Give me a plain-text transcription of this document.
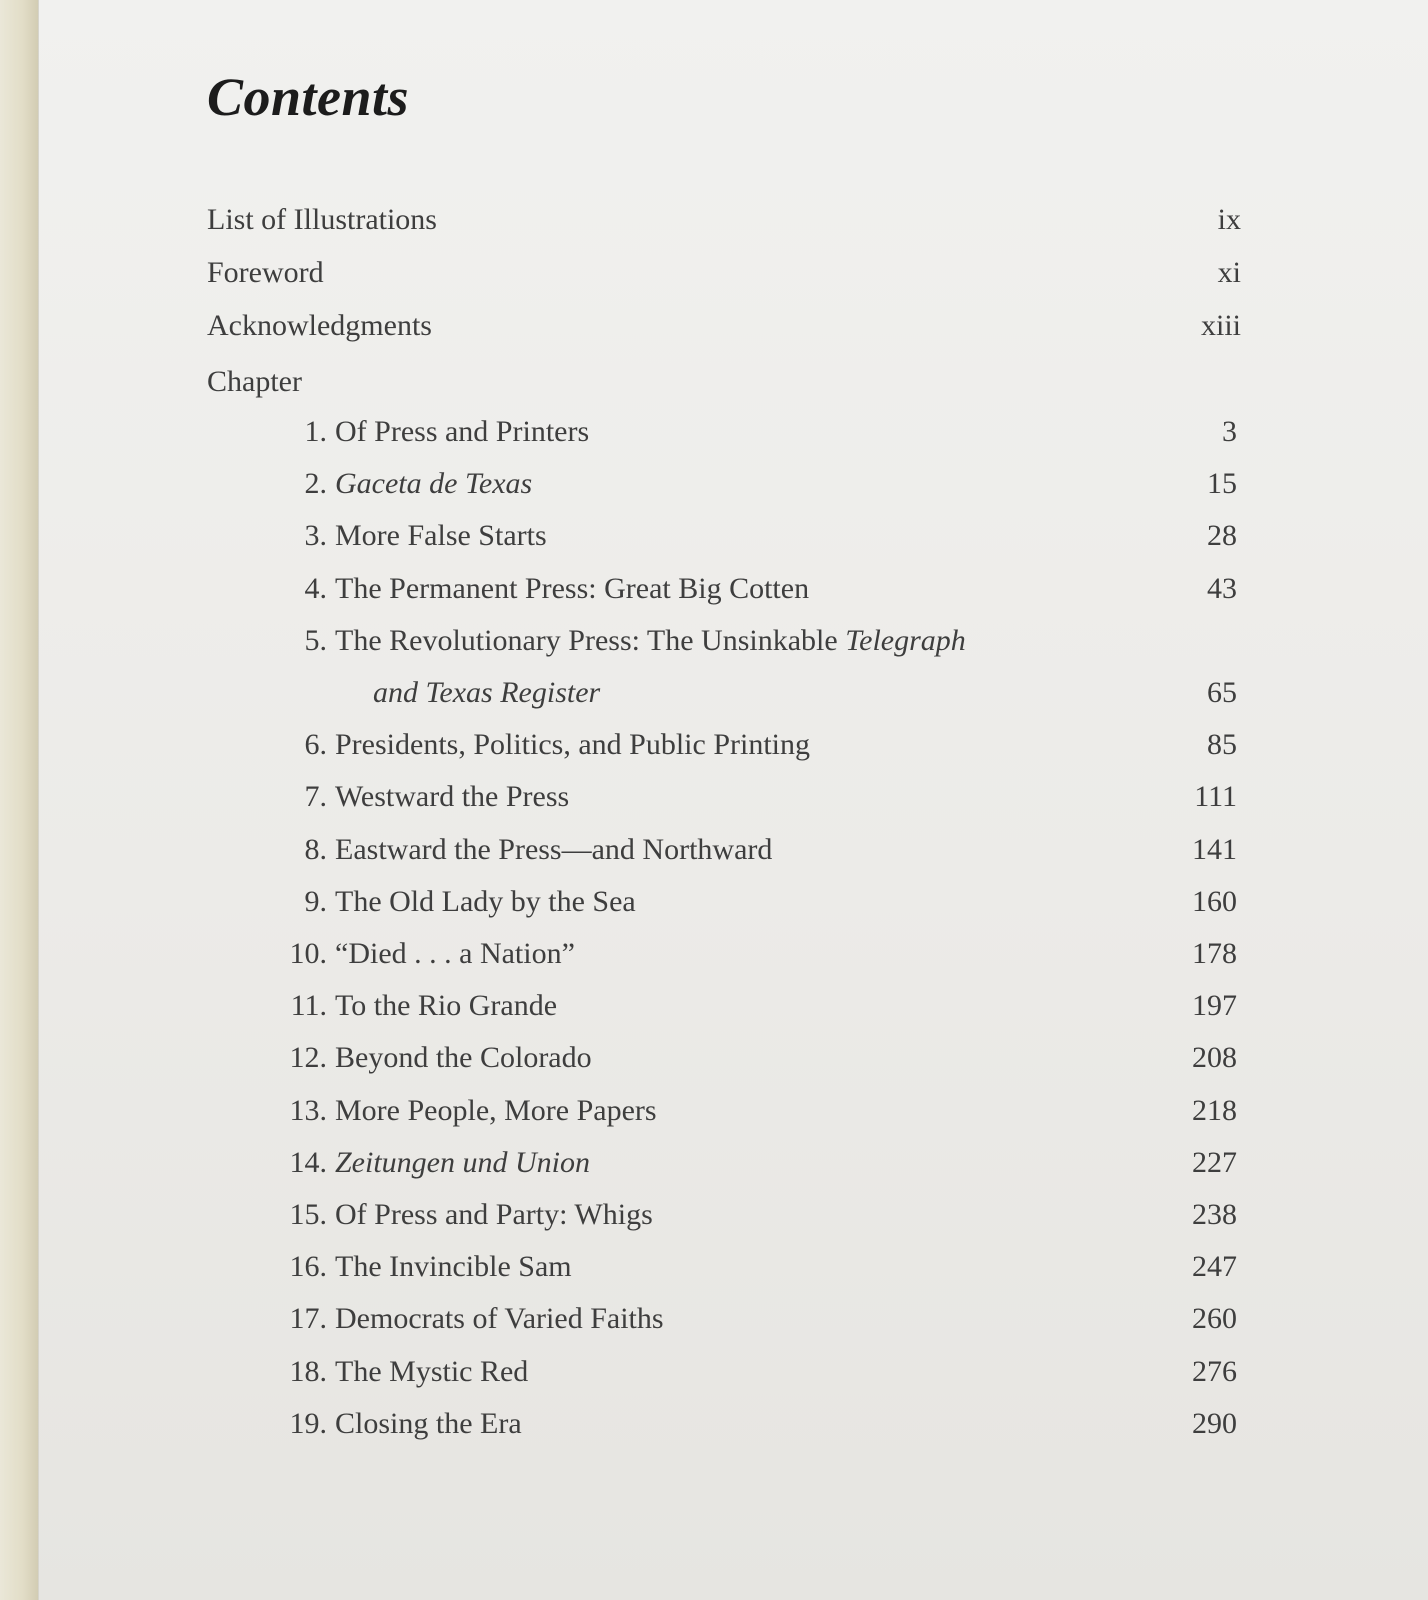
Contents
List of Illustrations	ix
Foreword	xi
Acknowledgments	xiii
Chapter
1. Of Press and Printers	3
2. Gaceta de Texas	15
3. More False Starts	28
4. The Permanent Press: Great Big Cotten	43
5. The Revolutionary Press: The Unsinkable Telegraph
and Texas Register	65
6. Presidents, Politics, and Public Printing	85
7. Westward the Press	111
8. Eastward the Press—and Northward	141
9. The Old Lady by the Sea	160
10. “Died . . . a Nation”	178
11. To the Rio Grande	197
12. Beyond the Colorado	208
13. More People, More Papers	218
14. Zeitungen und Union	227
15. Of Press and Party: Whigs	238
16. The Invincible Sam	247
17. Democrats of Varied Faiths	260
18. The Mystic Red	276
19. Closing the Era	290
